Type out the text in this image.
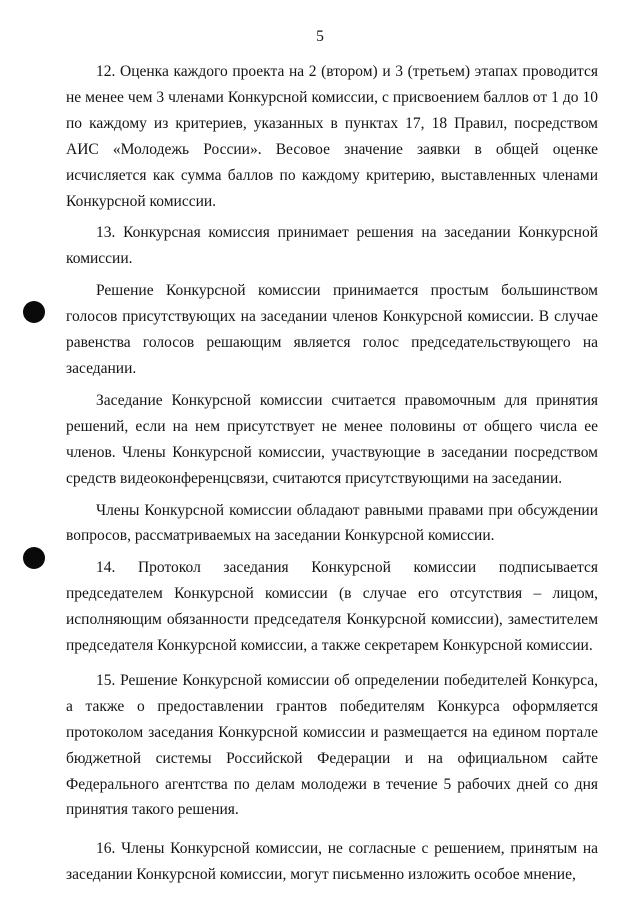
5

12. Оценка каждого проекта на 2 (втором) и 3 (третьем) этапах проводится не менее чем 3 членами Конкурсной комиссии, с присвоением баллов от 1 до 10 по каждому из критериев, указанных в пунктах 17, 18 Правил, посредством АИС «Молодежь России». Весовое значение заявки в общей оценке исчисляется как сумма баллов по каждому критерию, выставленных членами Конкурсной комиссии.

13. Конкурсная комиссия принимает решения на заседании Конкурсной комиссии.

Решение Конкурсной комиссии принимается простым большинством голосов присутствующих на заседании членов Конкурсной комиссии. В случае равенства голосов решающим является голос председательствующего на заседании.

Заседание Конкурсной комиссии считается правомочным для принятия решений, если на нем присутствует не менее половины от общего числа ее членов. Члены Конкурсной комиссии, участвующие в заседании посредством средств видеоконференцсвязи, считаются присутствующими на заседании.

Члены Конкурсной комиссии обладают равными правами при обсуждении вопросов, рассматриваемых на заседании Конкурсной комиссии.

14. Протокол заседания Конкурсной комиссии подписывается председателем Конкурсной комиссии (в случае его отсутствия – лицом, исполняющим обязанности председателя Конкурсной комиссии), заместителем председателя Конкурсной комиссии, а также секретарем Конкурсной комиссии.

15. Решение Конкурсной комиссии об определении победителей Конкурса, а также о предоставлении грантов победителям Конкурса оформляется протоколом заседания Конкурсной комиссии и размещается на едином портале бюджетной системы Российской Федерации и на официальном сайте Федерального агентства по делам молодежи в течение 5 рабочих дней со дня принятия такого решения.

16. Члены Конкурсной комиссии, не согласные с решением, принятым на заседании Конкурсной комиссии, могут письменно изложить особое мнение,
